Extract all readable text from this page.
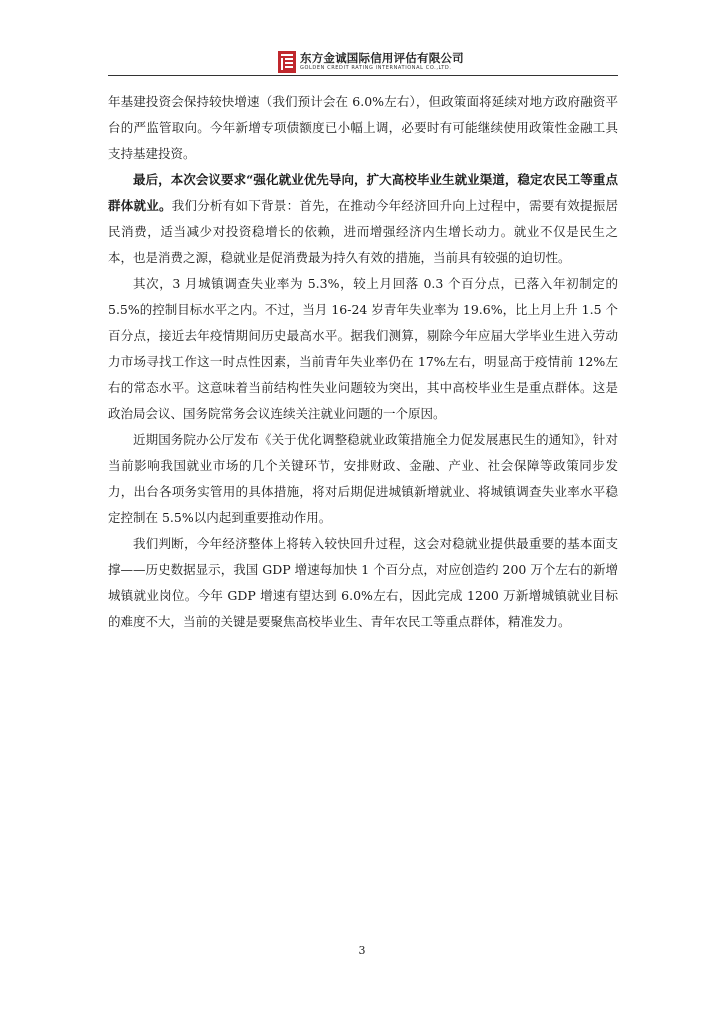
东方金诚国际信用评估有限公司
GOLDEN CREDIT RATING INTERNATIONAL CO.,LTD.

年基建投资会保持较快增速（我们预计会在 6.0%左右），但政策面将延续对地方政府融资平台的严监管取向。今年新增专项债额度已小幅上调，必要时有可能继续使用政策性金融工具支持基建投资。

最后，本次会议要求“强化就业优先导向，扩大高校毕业生就业渠道，稳定农民工等重点群体就业。我们分析有如下背景：首先，在推动今年经济回升向上过程中，需要有效提振居民消费，适当减少对投资稳增长的依赖，进而增强经济内生增长动力。就业不仅是民生之本，也是消费之源，稳就业是促消费最为持久有效的措施，当前具有较强的迫切性。

其次，3 月城镇调查失业率为 5.3%，较上月回落 0.3 个百分点，已落入年初制定的 5.5%的控制目标水平之内。不过，当月 16-24 岁青年失业率为 19.6%，比上月上升 1.5 个百分点，接近去年疫情期间历史最高水平。据我们测算，剔除今年应届大学毕业生进入劳动力市场寻找工作这一时点性因素，当前青年失业率仍在 17%左右，明显高于疫情前 12%左右的常态水平。这意味着当前结构性失业问题较为突出，其中高校毕业生是重点群体。这是政治局会议、国务院常务会议连续关注就业问题的一个原因。

近期国务院办公厅发布《关于优化调整稳就业政策措施全力促发展惠民生的通知》，针对当前影响我国就业市场的几个关键环节，安排财政、金融、产业、社会保障等政策同步发力，出台各项务实管用的具体措施，将对后期促进城镇新增就业、将城镇调查失业率水平稳定控制在 5.5%以内起到重要推动作用。

我们判断，今年经济整体上将转入较快回升过程，这会对稳就业提供最重要的基本面支撑——历史数据显示，我国 GDP 增速每加快 1 个百分点，对应创造约 200 万个左右的新增城镇就业岗位。今年 GDP 增速有望达到 6.0%左右，因此完成 1200 万新增城镇就业目标的难度不大，当前的关键是要聚焦高校毕业生、青年农民工等重点群体，精准发力。

3
